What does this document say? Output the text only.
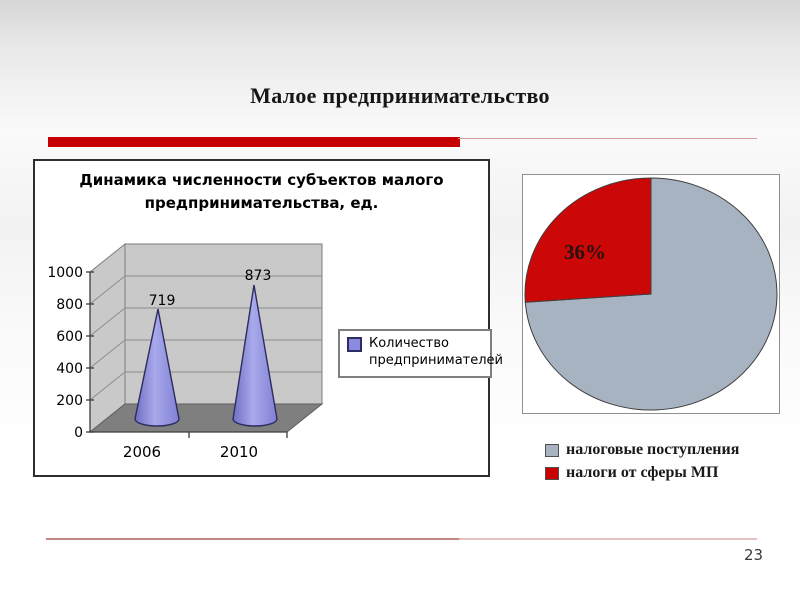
Малое предпринимательство
1000
800
600
400
200
0
719
873
2006	2010
Динамика численности субъектов малого предпринимательства, ед.
Количество предпринимателей
36%
налоговые поступления
налоги от сферы МП
23
